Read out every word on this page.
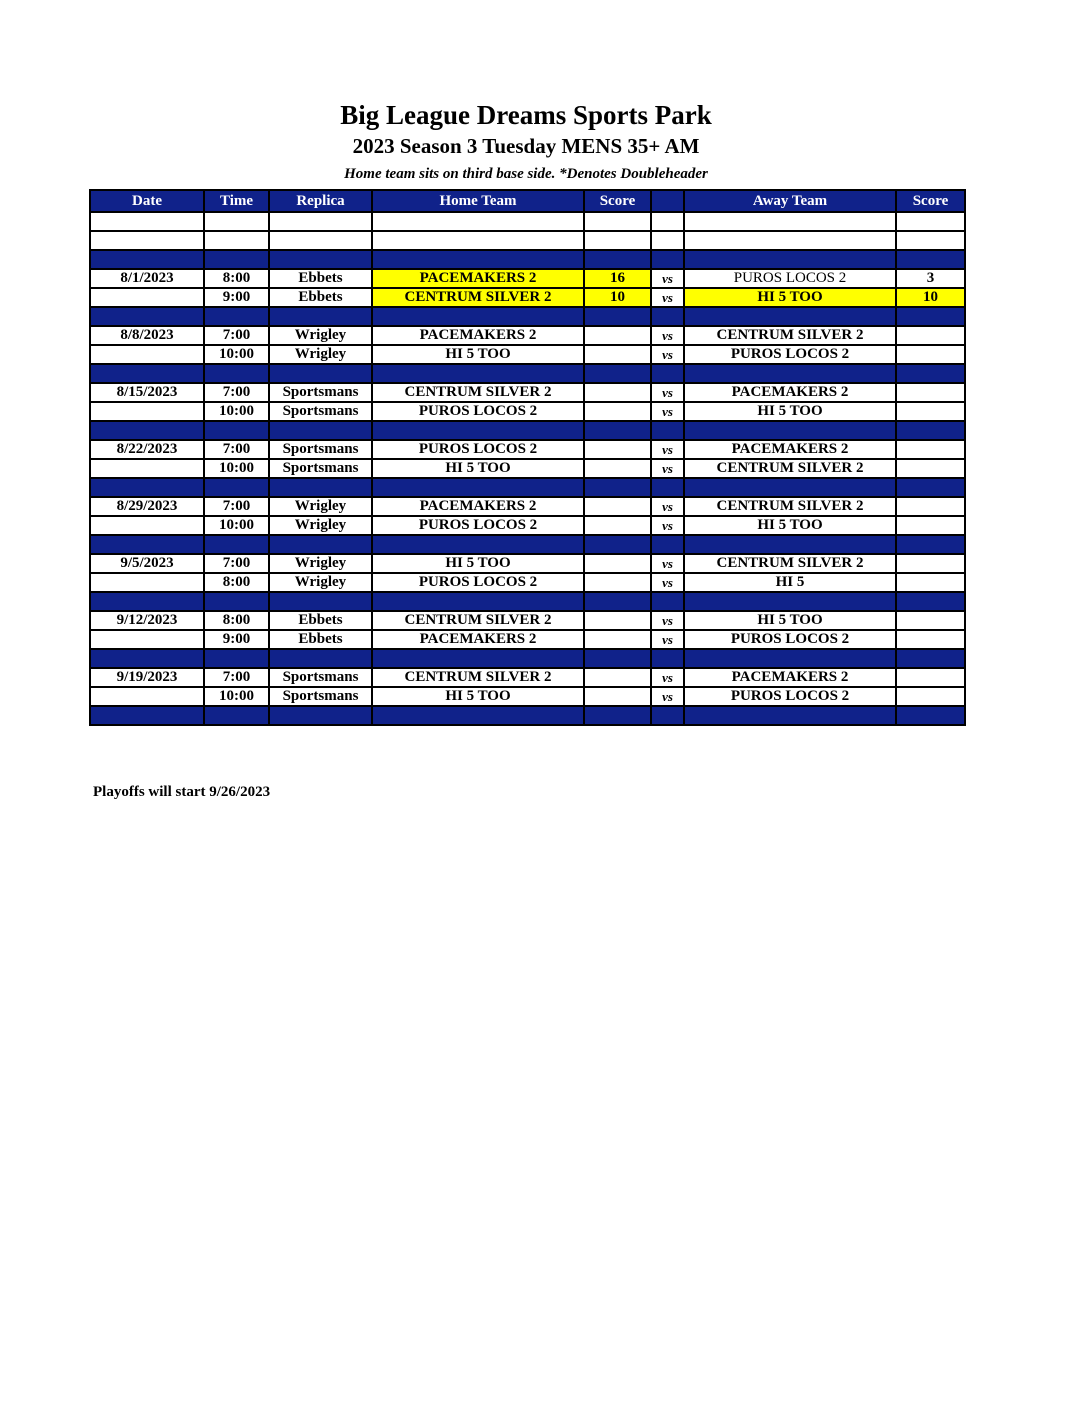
Big League Dreams Sports Park
2023 Season 3 Tuesday MENS 35+ AM
Home team sits on third base side. *Denotes Doubleheader
Date	Time	Replica	Home Team	Score		Away Team	Score

8/1/2023	8:00	Ebbets	PACEMAKERS 2	16	vs	PUROS LOCOS 2	3
	9:00	Ebbets	CENTRUM SILVER 2	10	vs	HI 5 TOO	10

8/8/2023	7:00	Wrigley	PACEMAKERS 2		vs	CENTRUM SILVER 2	
	10:00	Wrigley	HI 5 TOO		vs	PUROS LOCOS 2	

8/15/2023	7:00	Sportsmans	CENTRUM SILVER 2		vs	PACEMAKERS 2	
	10:00	Sportsmans	PUROS LOCOS 2		vs	HI 5 TOO	

8/22/2023	7:00	Sportsmans	PUROS LOCOS 2		vs	PACEMAKERS 2	
	10:00	Sportsmans	HI 5 TOO		vs	CENTRUM SILVER 2	

8/29/2023	7:00	Wrigley	PACEMAKERS 2		vs	CENTRUM SILVER 2	
	10:00	Wrigley	PUROS LOCOS 2		vs	HI 5 TOO	

9/5/2023	7:00	Wrigley	HI 5 TOO		vs	CENTRUM SILVER 2	
	8:00	Wrigley	PUROS LOCOS 2		vs	HI 5	

9/12/2023	8:00	Ebbets	CENTRUM SILVER 2		vs	HI 5 TOO	
	9:00	Ebbets	PACEMAKERS 2		vs	PUROS LOCOS 2	

9/19/2023	7:00	Sportsmans	CENTRUM SILVER 2		vs	PACEMAKERS 2	
	10:00	Sportsmans	HI 5 TOO		vs	PUROS LOCOS 2	

Playoffs will start 9/26/2023
